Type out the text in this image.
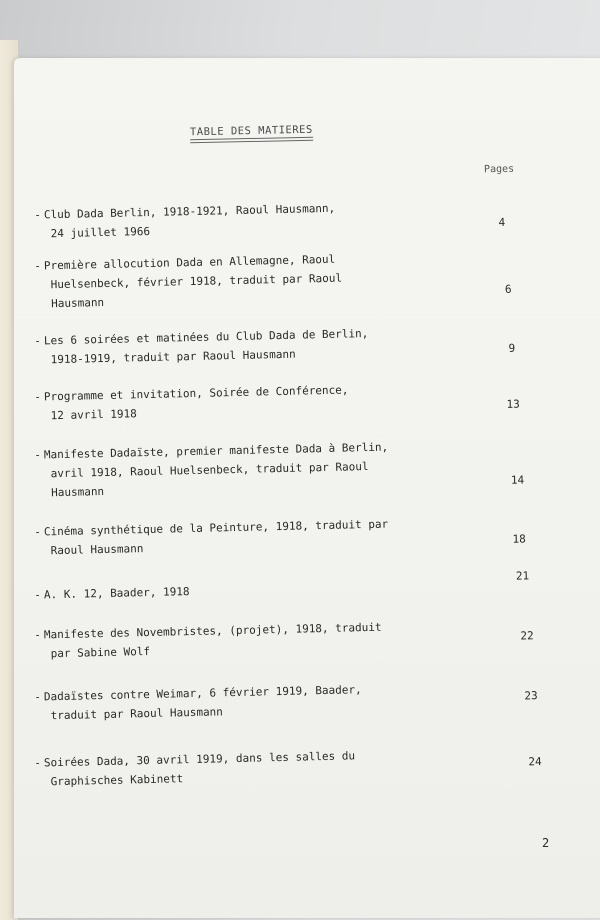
TABLE DES MATIERES
Pages
- Club Dada Berlin, 1918-1921, Raoul Hausmann,
24 juillet 1966
4
- Première allocution Dada en Allemagne, Raoul
Huelsenbeck, février 1918, traduit par Raoul
Hausmann
6
- Les 6 soirées et matinées du Club Dada de Berlin,
1918-1919, traduit par Raoul Hausmann	9
- Programme et invitation, Soirée de Conférence,
12 avril 1918
13
- Manifeste Dadaïste, premier manifeste Dada à Berlin,
avril 1918, Raoul Huelsenbeck, traduit par Raoul
Hausmann
14
- Cinéma synthétique de la Peinture, 1918, traduit par
Raoul Hausmann
18
- A. K. 12, Baader, 1918
21
- Manifeste des Novembristes, (projet), 1918, traduit
par Sabine Wolf
22
- Dadaïstes contre Weimar, 6 février 1919, Baader,
traduit par Raoul Hausmann
23
- Soirées Dada, 30 avril 1919, dans les salles du
Graphisches Kabinett
24
2
